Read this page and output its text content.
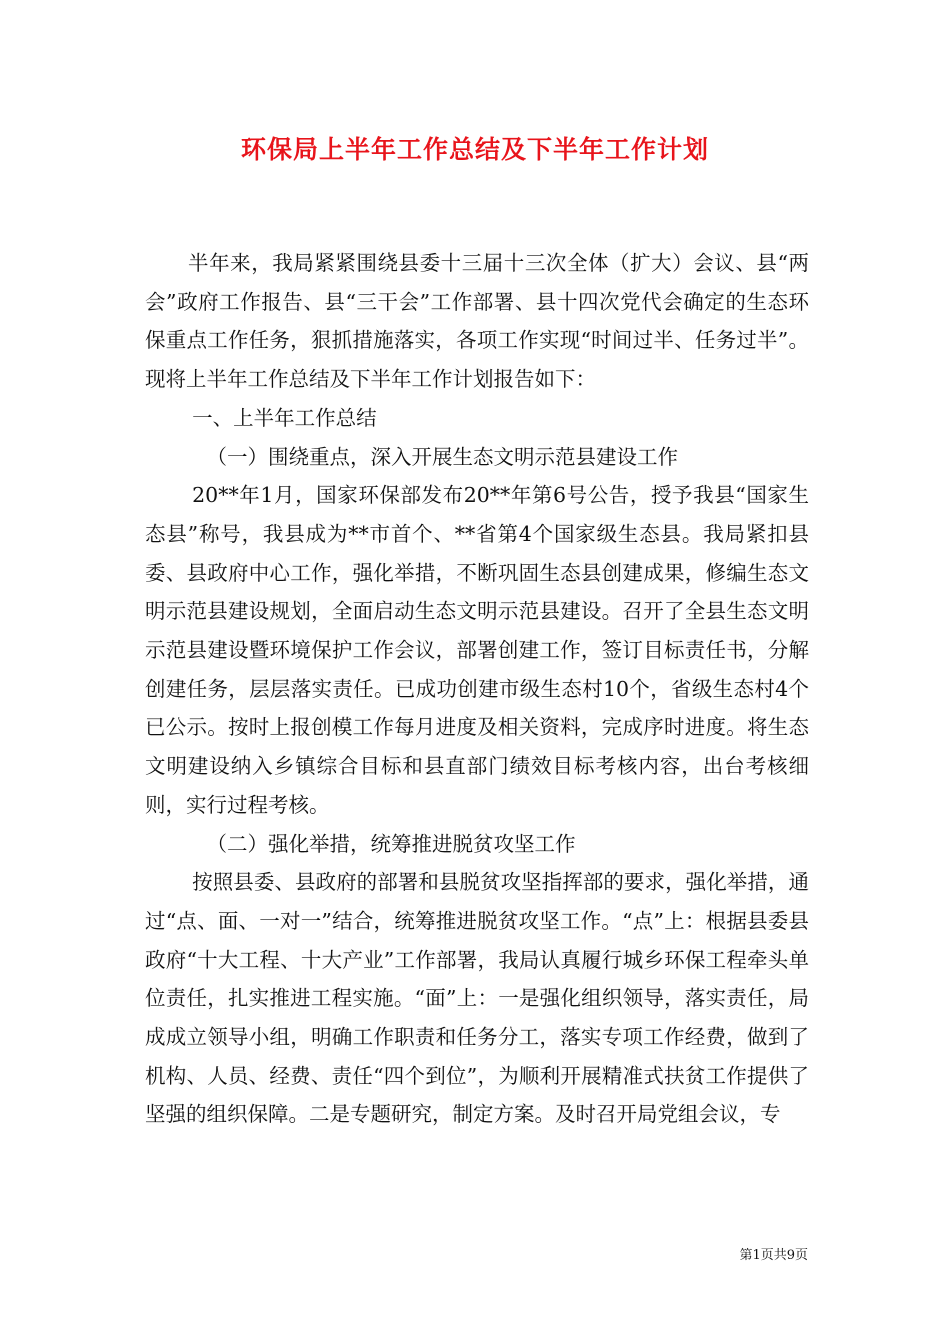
环保局上半年工作总结及下半年工作计划

半年来，我局紧紧围绕县委十三届十三次全体（扩大）会议、县“两会”政府工作报告、县“三干会”工作部署、县十四次党代会确定的生态环保重点工作任务，狠抓措施落实，各项工作实现“时间过半、任务过半”。现将上半年工作总结及下半年工作计划报告如下：

一、上半年工作总结

（一）围绕重点，深入开展生态文明示范县建设工作

20**年1月，国家环保部发布20**年第6号公告，授予我县“国家生态县”称号，我县成为**市首个、**省第4个国家级生态县。我局紧扣县委、县政府中心工作，强化举措，不断巩固生态县创建成果，修编生态文明示范县建设规划，全面启动生态文明示范县建设。召开了全县生态文明示范县建设暨环境保护工作会议，部署创建工作，签订目标责任书，分解创建任务，层层落实责任。已成功创建市级生态村10个，省级生态村4个已公示。按时上报创模工作每月进度及相关资料，完成序时进度。将生态文明建设纳入乡镇综合目标和县直部门绩效目标考核内容，出台考核细则，实行过程考核。

（二）强化举措，统筹推进脱贫攻坚工作

按照县委、县政府的部署和县脱贫攻坚指挥部的要求，强化举措，通过“点、面、一对一”结合，统筹推进脱贫攻坚工作。“点”上：根据县委县政府“十大工程、十大产业”工作部署，我局认真履行城乡环保工程牵头单位责任，扎实推进工程实施。“面”上：一是强化组织领导，落实责任，局成成立领导小组，明确工作职责和任务分工，落实专项工作经费，做到了机构、人员、经费、责任“四个到位”，为顺利开展精准式扶贫工作提供了坚强的组织保障。二是专题研究，制定方案。及时召开局党组会议，专

第1页共9页
